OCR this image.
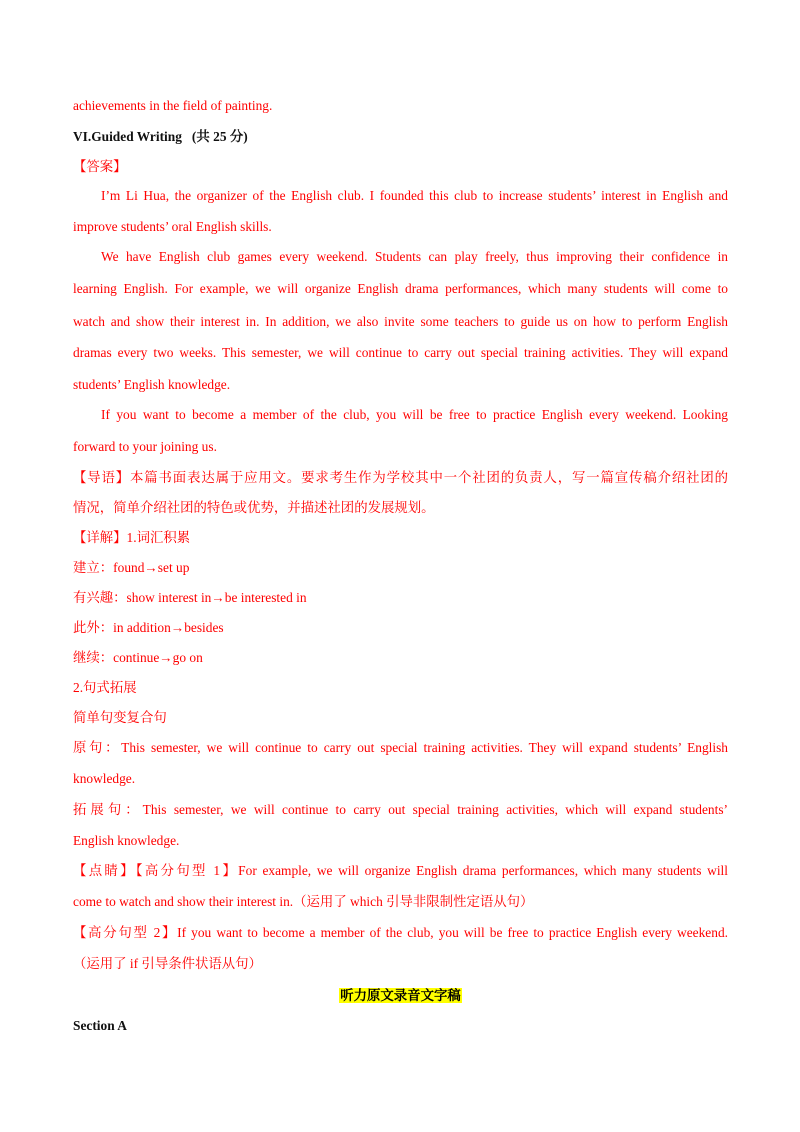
achievements in the field of painting.
VI.Guided Writing   (共 25 分)
【答案】
I’m Li Hua, the organizer of the English club. I founded this club to increase students’ interest in English and
improve students’ oral English skills.
We have English club games every weekend. Students can play freely, thus improving their confidence in
learning English. For example, we will organize English drama performances, which many students will come to
watch and show their interest in. In addition, we also invite some teachers to guide us on how to perform English
dramas every two weeks. This semester, we will continue to carry out special training activities. They will expand
students’ English knowledge.
If you want to become a member of the club, you will be free to practice English every weekend. Looking
forward to your joining us.
【导语】本篇书面表达属于应用文。要求考生作为学校其中一个社团的负责人，写一篇宣传稿介绍社团的
情况，简单介绍社团的特色或优势，并描述社团的发展规划。
【详解】1.词汇积累
建立：found→set up
有兴趣：show interest in→be interested in
此外：in addition→besides
继续：continue→go on
2.句式拓展
简单句变复合句
原句：This semester, we will continue to carry out special training activities. They will expand students’ English
knowledge.
拓展句：This semester, we will continue to carry out special training activities, which will expand students’
English knowledge.
【点睛】【高分句型 1】For example, we will organize English drama performances, which many students will
come to watch and show their interest in.（运用了 which 引导非限制性定语从句）
【高分句型 2】If you want to become a member of the club, you will be free to practice English every weekend.
（运用了 if 引导条件状语从句）
听力原文录音文字稿
Section A
